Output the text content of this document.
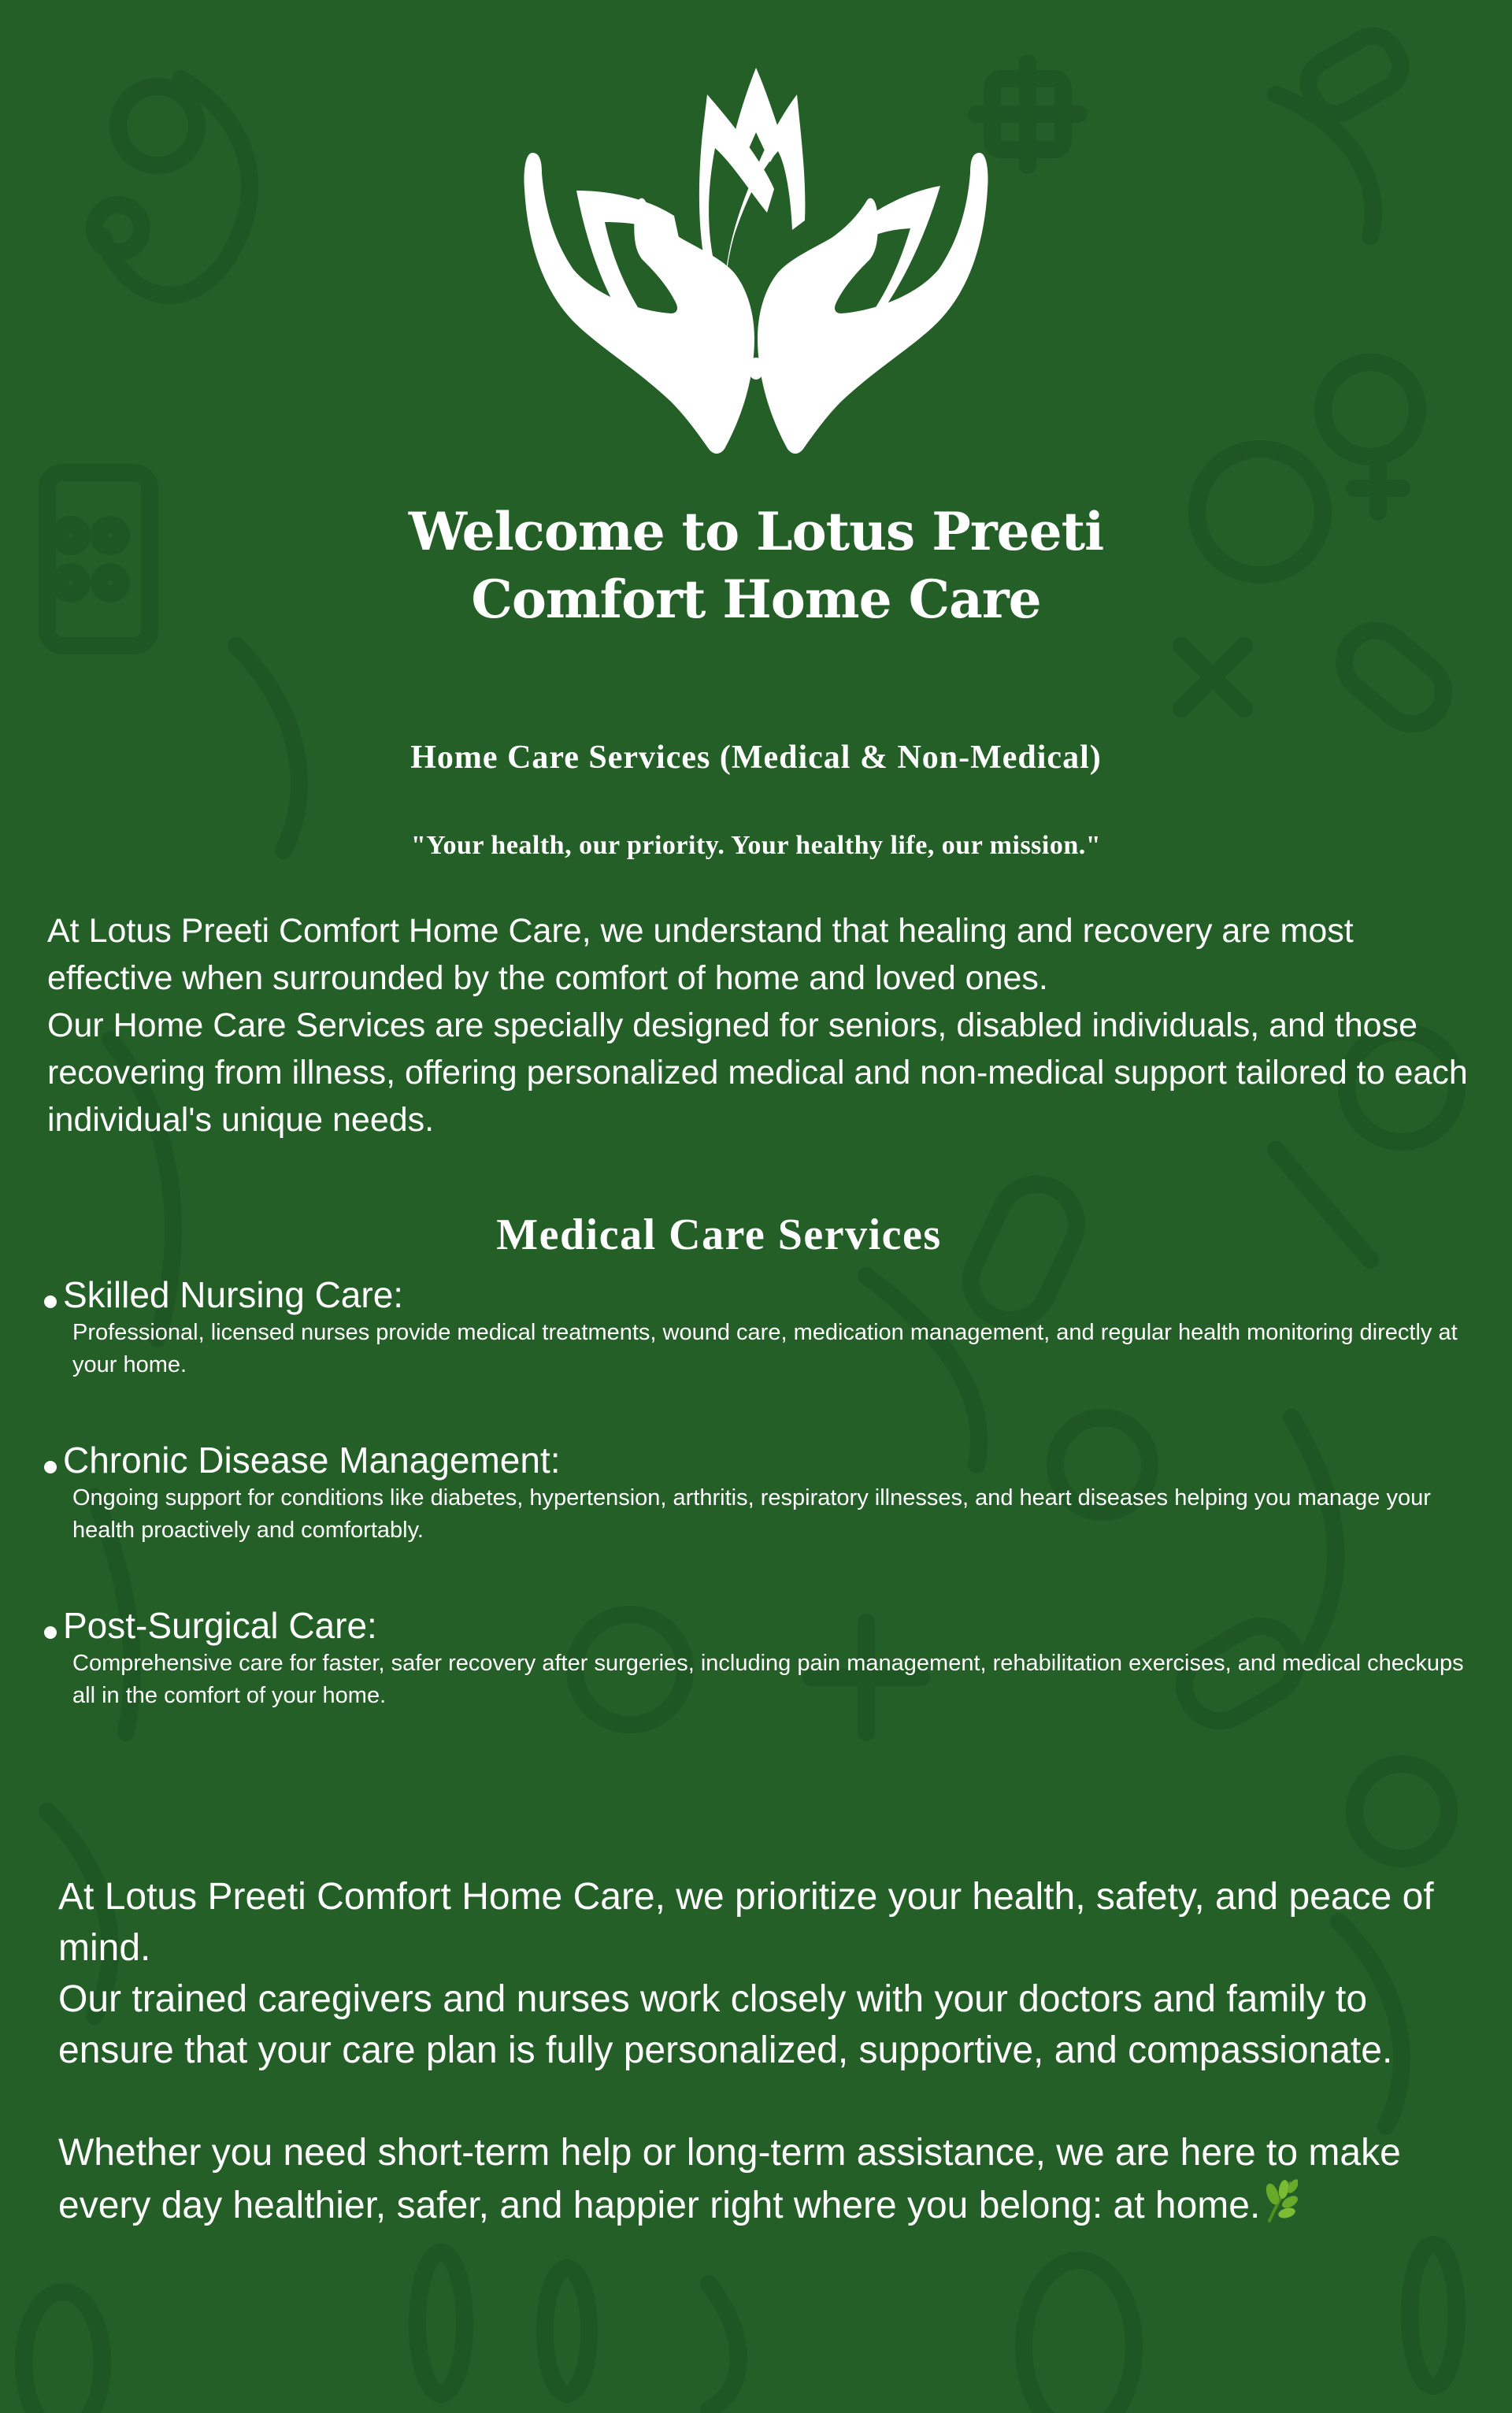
Welcome to Lotus Preeti
Comfort Home Care
Home Care Services (Medical & Non-Medical)
"Your health, our priority. Your healthy life, our mission."

At Lotus Preeti Comfort Home Care, we understand that healing and recovery are most effective when surrounded by the comfort of home and loved ones.

Our Home Care Services are specially designed for seniors, disabled individuals, and those recovering from illness, offering personalized medical and non-medical support tailored to each individual's unique needs.

Medical Care Services
Skilled Nursing Care:
Professional, licensed nurses provide medical treatments, wound care, medication management, and regular health monitoring directly at your home.
Chronic Disease Management:
Ongoing support for conditions like diabetes, hypertension, arthritis, respiratory illnesses, and heart diseases helping you manage your health proactively and comfortably.
Post-Surgical Care:
Comprehensive care for faster, safer recovery after surgeries, including pain management, rehabilitation exercises, and medical checkups all in the comfort of your home.

At Lotus Preeti Comfort Home Care, we prioritize your health, safety, and peace of mind.

Our trained caregivers and nurses work closely with your doctors and family to ensure that your care plan is fully personalized, supportive, and compassionate.

Whether you need short-term help or long-term assistance, we are here to make every day healthier, safer, and happier right where you belong: at home.
